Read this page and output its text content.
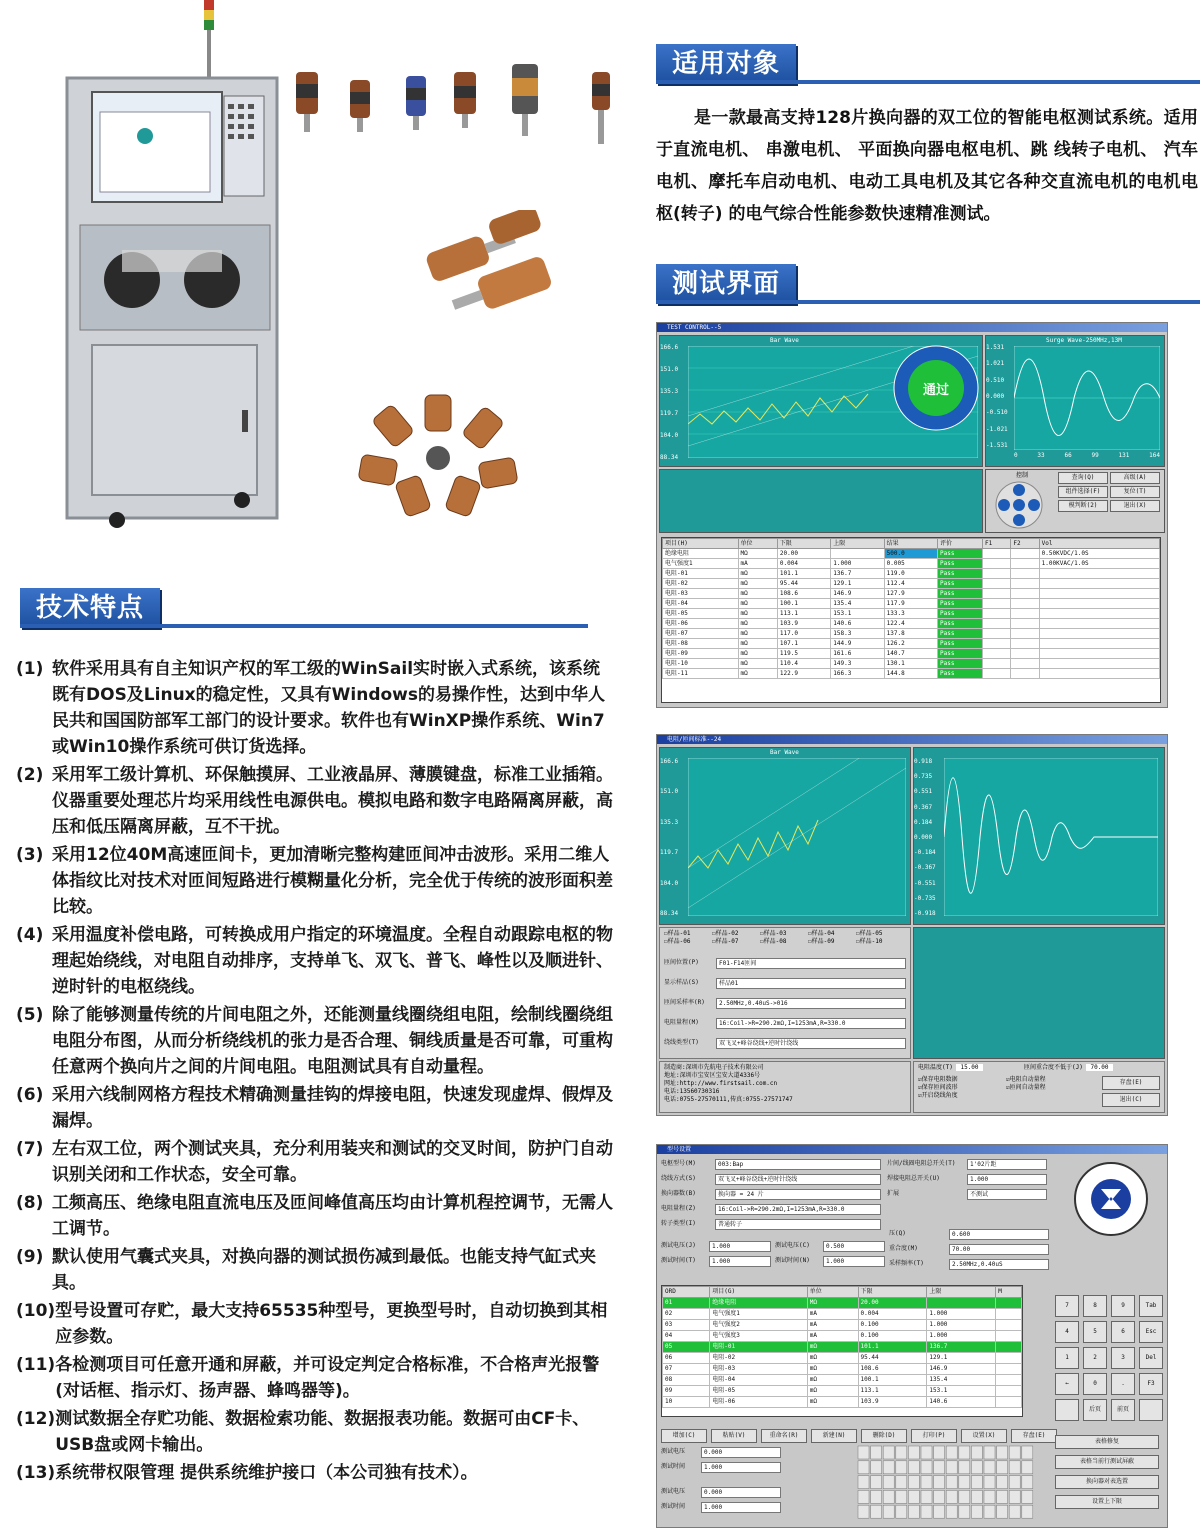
适用对象

是一款最高支持128片换向器的双工位的智能电枢测试系统。适用于直流电机、 串激电机、 平面换向器电枢电机、跳 线转子电机、 汽车电机、摩托车启动电机、电动工具电机及其它各种交直流电机的电机电枢(转子) 的电气综合性能参数快速精准测试。

测试界面
技术特点
(1) 软件采用具有自主知识产权的军工级的WinSail实时嵌入式系统，该系统既有DOS及Linux的稳定性，又具有Windows的易操作性，达到中华人民共和国国防部军工部门的设计要求。软件也有WinXP操作系统、Win7或Win10操作系统可供订货选择。
(2) 采用军工级计算机、环保触摸屏、工业液晶屏、薄膜键盘，标准工业插箱。仪器重要处理芯片均采用线性电源供电。模拟电路和数字电路隔离屏蔽，高压和低压隔离屏蔽，互不干扰。
(3) 采用12位40M高速匝间卡，更加清晰完整构建匝间冲击波形。采用二维人体指纹比对技术对匝间短路进行模糊量化分析，完全优于传统的波形面积差比较。
(4) 采用温度补偿电路，可转换成用户指定的环境温度。全程自动跟踪电枢的物理起始绕线，对电阻自动排序，支持单飞、双飞、普飞、峰性以及顺进针、逆时针的电枢绕线。
(5) 除了能够测量传统的片间电阻之外，还能测量线圈绕组电阻，绘制线圈绕组电阻分布图，从而分析绕线机的张力是否合理、铜线质量是否可靠，可重构任意两个换向片之间的片间电阻。电阻测试具有自动量程。
(6) 采用六线制网格方程技术精确测量挂钩的焊接电阻，快速发现虚焊、假焊及漏焊。
(7) 左右双工位，两个测试夹具，充分利用装夹和测试的交叉时间，防护门自动识别关闭和工作状态，安全可靠。
(8) 工频高压、绝缘电阻直流电压及匝间峰值高压均由计算机程控调节，无需人工调节。
(9) 默认使用气囊式夹具，对换向器的测试损伤减到最低。也能支持气缸式夹具。
(10) 型号设置可存贮，最大支持65535种型号，更换型号时，自动切换到其相应参数。
(11) 各检测项目可任意开通和屏蔽，并可设定判定合格标准，不合格声光报警(对话框、指示灯、扬声器、蜂鸣器等)。
(12) 测试数据全存贮功能、数据检索功能、数据报表功能。数据可由CF卡、USB盘或网卡输出。
(13) 系统带权限管理 提供系统维护接口（本公司独有技术）。
TEST CONTROL--5
Bar Wave
166.6
151.0
135.3
119.7
104.0
88.34
通过
Surge Wave-250MHz,13M
1.531
1.021
0.510
0.000
-0.510
-1.021
-1.531
0	33	66	99	131	164
控制	查询(Q)	高级(A)
组件选择(F)	复位(T)
模判断(2)	退出(X)
项目(H)	单位	下限	上限	结果	评价	F1	F2	Vol
绝缘电阻	MΩ	20.00		500.0	Pass			0.50KVDC/1.0S
电气强度1	mA	0.004	1.000	0.005	Pass			1.00KVAC/1.0S
电阻-01	mΩ	101.1	136.7	119.0	Pass			
电阻-02	mΩ	95.44	129.1	112.4	Pass			
电阻-03	mΩ	108.6	146.9	127.9	Pass			
电阻-04	mΩ	100.1	135.4	117.9	Pass			
电阻-05	mΩ	113.1	153.1	133.3	Pass			
电阻-06	mΩ	103.9	140.6	122.4	Pass			
电阻-07	mΩ	117.0	158.3	137.8	Pass			
电阻-08	mΩ	107.1	144.9	126.2	Pass			
电阻-09	mΩ	119.5	161.6	140.7	Pass			
电阻-10	mΩ	110.4	149.3	130.1	Pass			
电阻-11	mΩ	122.9	166.3	144.8	Pass			
电阻/匝间标准--24
Bar Wave
166.6
151.0
135.3
119.7
104.0
88.34
0.918
0.735
0.551
0.367
0.184
0.000
-0.184
-0.367
-0.551
-0.735
-0.918
☐样品-01	☐样品-02	☐样品-03	☐样品-04	☐样品-05
☐样品-06	☐样品-07	☐样品-08	☐样品-09	☐样品-10
匝间位置(P)	F01-F14匝间
显示样品(S)	样品01
匝间采样率(R)	2.50MHz,0.40uS->016
电阻量程(M)	16:Coil->R=290.2mΩ,I=1253mA,R=330.0
绕线类型(T)	双飞叉+峰谷绕线+逆时针绕线
制造商:深圳市先航电子技术有限公司
地址:深圳市宝安区宝安大道4336号
网址:http://www.firstsail.com.cn
电话:13560730316
电话:0755-27570111,传真:0755-27571747
电阻温度(T) 15.00	匝间重合度不低于(J) 70.00
☑保存电阻数据	☑电阻自动量程
☑保存匝间波形	☑匝间自动量程
☑开启绕线角度
存盘(E)
退出(C)
型号设置
电枢型号(M)	003:Bap
绕线方式(S)	双飞叉+峰谷绕线+逆时针绕线
换向器数(B)	换向器 = 24 片
电阻量程(Z)	16:Coil->R=290.2mΩ,I=1253mA,R=330.0
转子类型(I)	普通转子
片间/线圈电阻总开关(T)	1'02片距
焊接电阻总开关(U)	1.000
扩展	不测试
测试电压(J)	1.000
测试时间(T)	1.000
测试电压(C)	0.500
测试时间(N)	1.000
压(Q)	0.600
重合度(M)	70.00
采样频率(T)	2.50MHz,0.40uS
ORD	项目(G)	单位	下限	上限	M
01	绝缘电阻	MΩ	20.00		
02	电气强度1	mA	0.004	1.000	
03	电气强度2	mA	0.100	1.000	
04	电气强度3	mA	0.100	1.000	
05	电阻-01	mΩ	101.1	136.7	
06	电阻-02	mΩ	95.44	129.1	
07	电阻-03	mΩ	108.6	146.9	
08	电阻-04	mΩ	100.1	135.4	
09	电阻-05	mΩ	113.1	153.1	
10	电阻-06	mΩ	103.9	140.6	
7	8	9	Tab
4	5	6	Esc
1	2	3	Del
←	0	.	F3
后页	前页
增加(C)	粘贴(V)	重命名(R)	新建(N)	删除(D)	打印(P)	设置(X)	存盘(E)
测试电压	0.000
测试时间	1.000
测试电压	0.000
测试时间	1.000
表格修复
表格当前行测试屏蔽
换向器对表选置
设置上下限
